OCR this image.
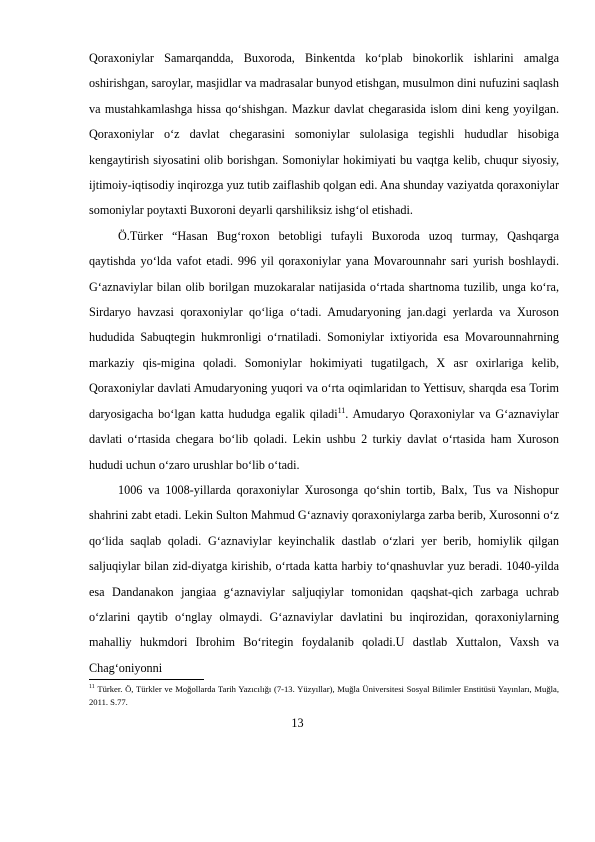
Qoraxoniylar Samarqandda, Buxoroda, Binkentda koʻplab binokorlik ishlarini amalga oshirishgan, saroylar, masjidlar va madrasalar bunyod etishgan, musulmon dini nufuzini saqlash va mustahkamlashga hissa qoʻshishgan. Mazkur davlat chegarasida islom dini keng yoyilgan. Qoraxoniylar oʻz davlat chegarasini somoniylar sulolasiga tegishli hududlar hisobiga kengaytirish siyosatini olib borishgan. Somoniylar hokimiyati bu vaqtga kelib, chuqur siyosiy, ijtimoiy-iqtisodiy inqirozga yuz tutib zaiflashib qolgan edi. Ana shunday vaziyatda qoraxoniylar somoniylar poytaxti Buxoroni deyarli qarshiliksiz ishgʻol etishadi.

Ö.Türker “Hasan Bugʻroxon betobligi tufayli Buxoroda uzoq turmay, Qashqarga qaytishda yoʻlda vafot etadi. 996 yil qoraxoniylar yana Movarounnahr sari yurish boshlaydi. Gʻaznaviylar bilan olib borilgan muzokaralar natijasida oʻrtada shartnoma tuzilib, unga koʻra, Sirdaryo havzasi qoraxoniylar qoʻliga oʻtadi. Amudaryoning jan.dagi yerlarda va Xuroson hududida Sabuqtegin hukmronligi oʻrnatiladi. Somoniylar ixtiyorida esa Movarounnahrning markaziy qis-migina qoladi. Somoniylar hokimiyati tugatilgach, X asr oxirlariga kelib, Qoraxoniylar davlati Amudaryoning yuqori va oʻrta oqimlaridan to Yettisuv, sharqda esa Torim daryosigacha boʻlgan katta hududga egalik qiladi$^{11}$. Amudaryo Qoraxoniylar va Gʻaznaviylar davlati oʻrtasida chegara boʻlib qoladi. Lekin ushbu 2 turkiy davlat oʻrtasida ham Xuroson hududi uchun oʻzaro urushlar boʻlib oʻtadi.

1006 va 1008-yillarda qoraxoniylar Xurosonga qoʻshin tortib, Balx, Tus va Nishopur shahrini zabt etadi. Lekin Sulton Mahmud Gʻaznaviy qoraxoniylarga zarba berib, Xurosonni oʻz qoʻlida saqlab qoladi. Gʻaznaviylar keyinchalik dastlab oʻzlari yer berib, homiylik qilgan saljuqiylar bilan zid-diyatga kirishib, oʻrtada katta harbiy toʻqnashuvlar yuz beradi. 1040-yilda esa Dandanakon jangiaa gʻaznaviylar saljuqiylar tomonidan qaqshat-qich zarbaga uchrab oʻzlarini qaytib oʻnglay olmaydi. Gʻaznaviylar davlatini bu inqirozidan, qoraxoniylarning mahalliy hukmdori Ibrohim Boʻritegin foydalanib qoladi.U dastlab Xuttalon, Vaxsh va Chagʻoniyonni

$^{11}$ Türker. Ö, Türkler ve Moğollarda Tarih Yazıcılığı (7-13. Yüzyıllar), Muğla Üniversitesi Sosyal Bilimler Enstitüsü Yayınları, Muğla, 2011. S.77.
13
